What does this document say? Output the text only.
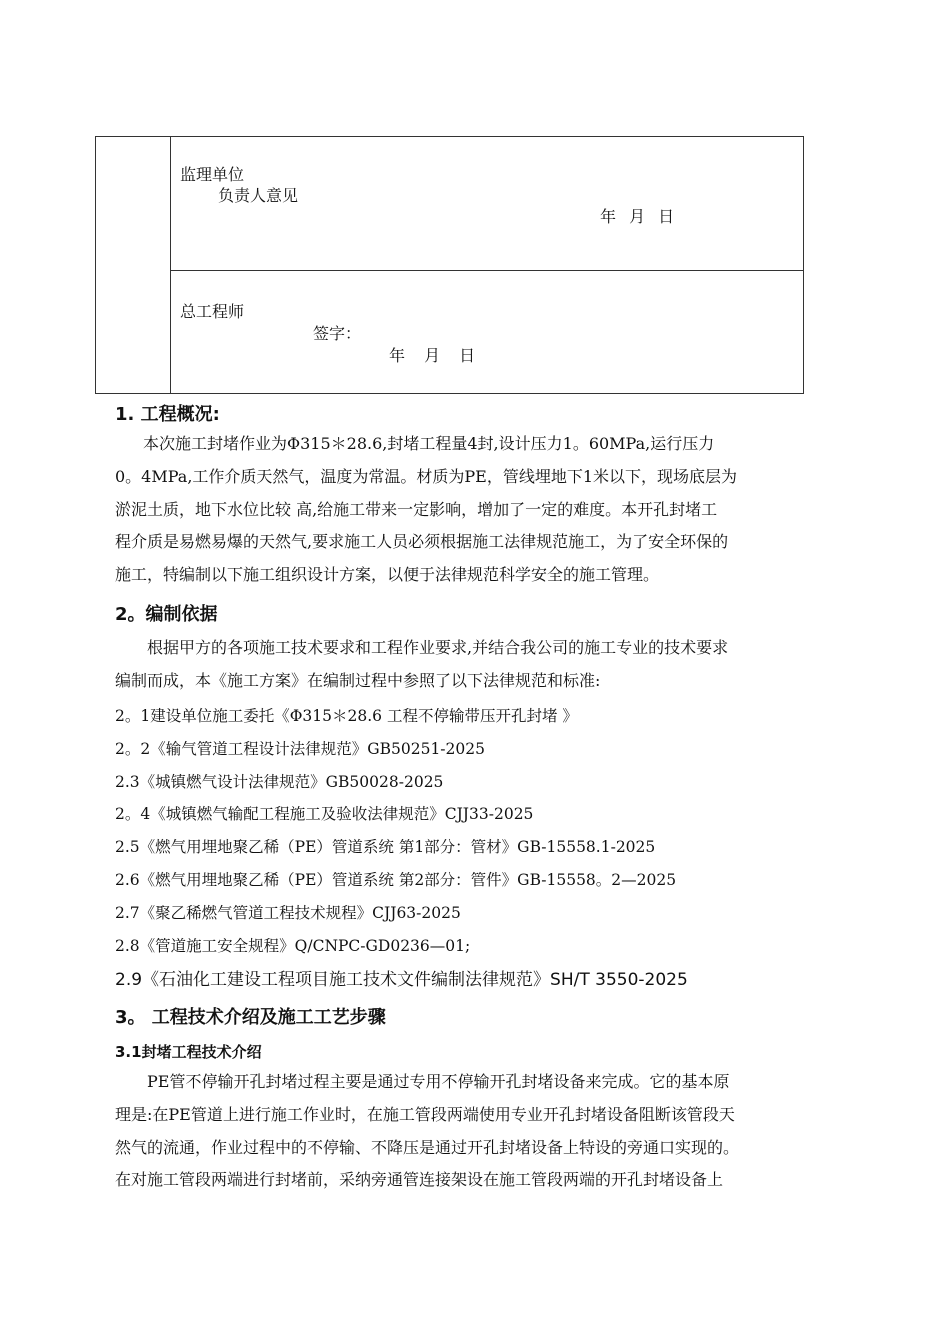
监理单位
负责人意见
年 月 日
总工程师
签字：
年 月 日
1. 工程概况:

本次施工封堵作业为Φ315＊28.6,封堵工程量4封,设计压力1。60MPa,运行压力

0。4MPa,工作介质天然气，温度为常温。材质为PE，管线埋地下1米以下，现场底层为

淤泥土质，地下水位比较 高,给施工带来一定影响，增加了一定的难度。本开孔封堵工

程介质是易燃易爆的天然气,要求施工人员必须根据施工法律规范施工，为了安全环保的

施工，特编制以下施工组织设计方案，以便于法律规范科学安全的施工管理。

2。编制依据

根据甲方的各项施工技术要求和工程作业要求,并结合我公司的施工专业的技术要求

编制而成，本《施工方案》在编制过程中参照了以下法律规范和标准:

2。1建设单位施工委托《Φ315＊28.6 工程不停输带压开孔封堵 》
2。2《输气管道工程设计法律规范》GB50251-2025
2.3《城镇燃气设计法律规范》GB50028-2025
2。4《城镇燃气输配工程施工及验收法律规范》CJJ33-2025
2.5《燃气用埋地聚乙稀（PE）管道系统 第1部分：管材》GB-15558.1-2025
2.6《燃气用埋地聚乙稀（PE）管道系统 第2部分：管件》GB-15558。2—2025
2.7《聚乙稀燃气管道工程技术规程》CJJ63-2025
2.8《管道施工安全规程》Q/CNPC-GD0236—01;
2.9《石油化工建设工程项目施工技术文件编制法律规范》SH/T 3550-2025
3。 工程技术介绍及施工工艺步骤
3.1封堵工程技术介绍

PE管不停输开孔封堵过程主要是通过专用不停输开孔封堵设备来完成。它的基本原

理是:在PE管道上进行施工作业时，在施工管段两端使用专业开孔封堵设备阻断该管段天

然气的流通，作业过程中的不停输、不降压是通过开孔封堵设备上特设的旁通口实现的。

在对施工管段两端进行封堵前，采纳旁通管连接架设在施工管段两端的开孔封堵设备上
